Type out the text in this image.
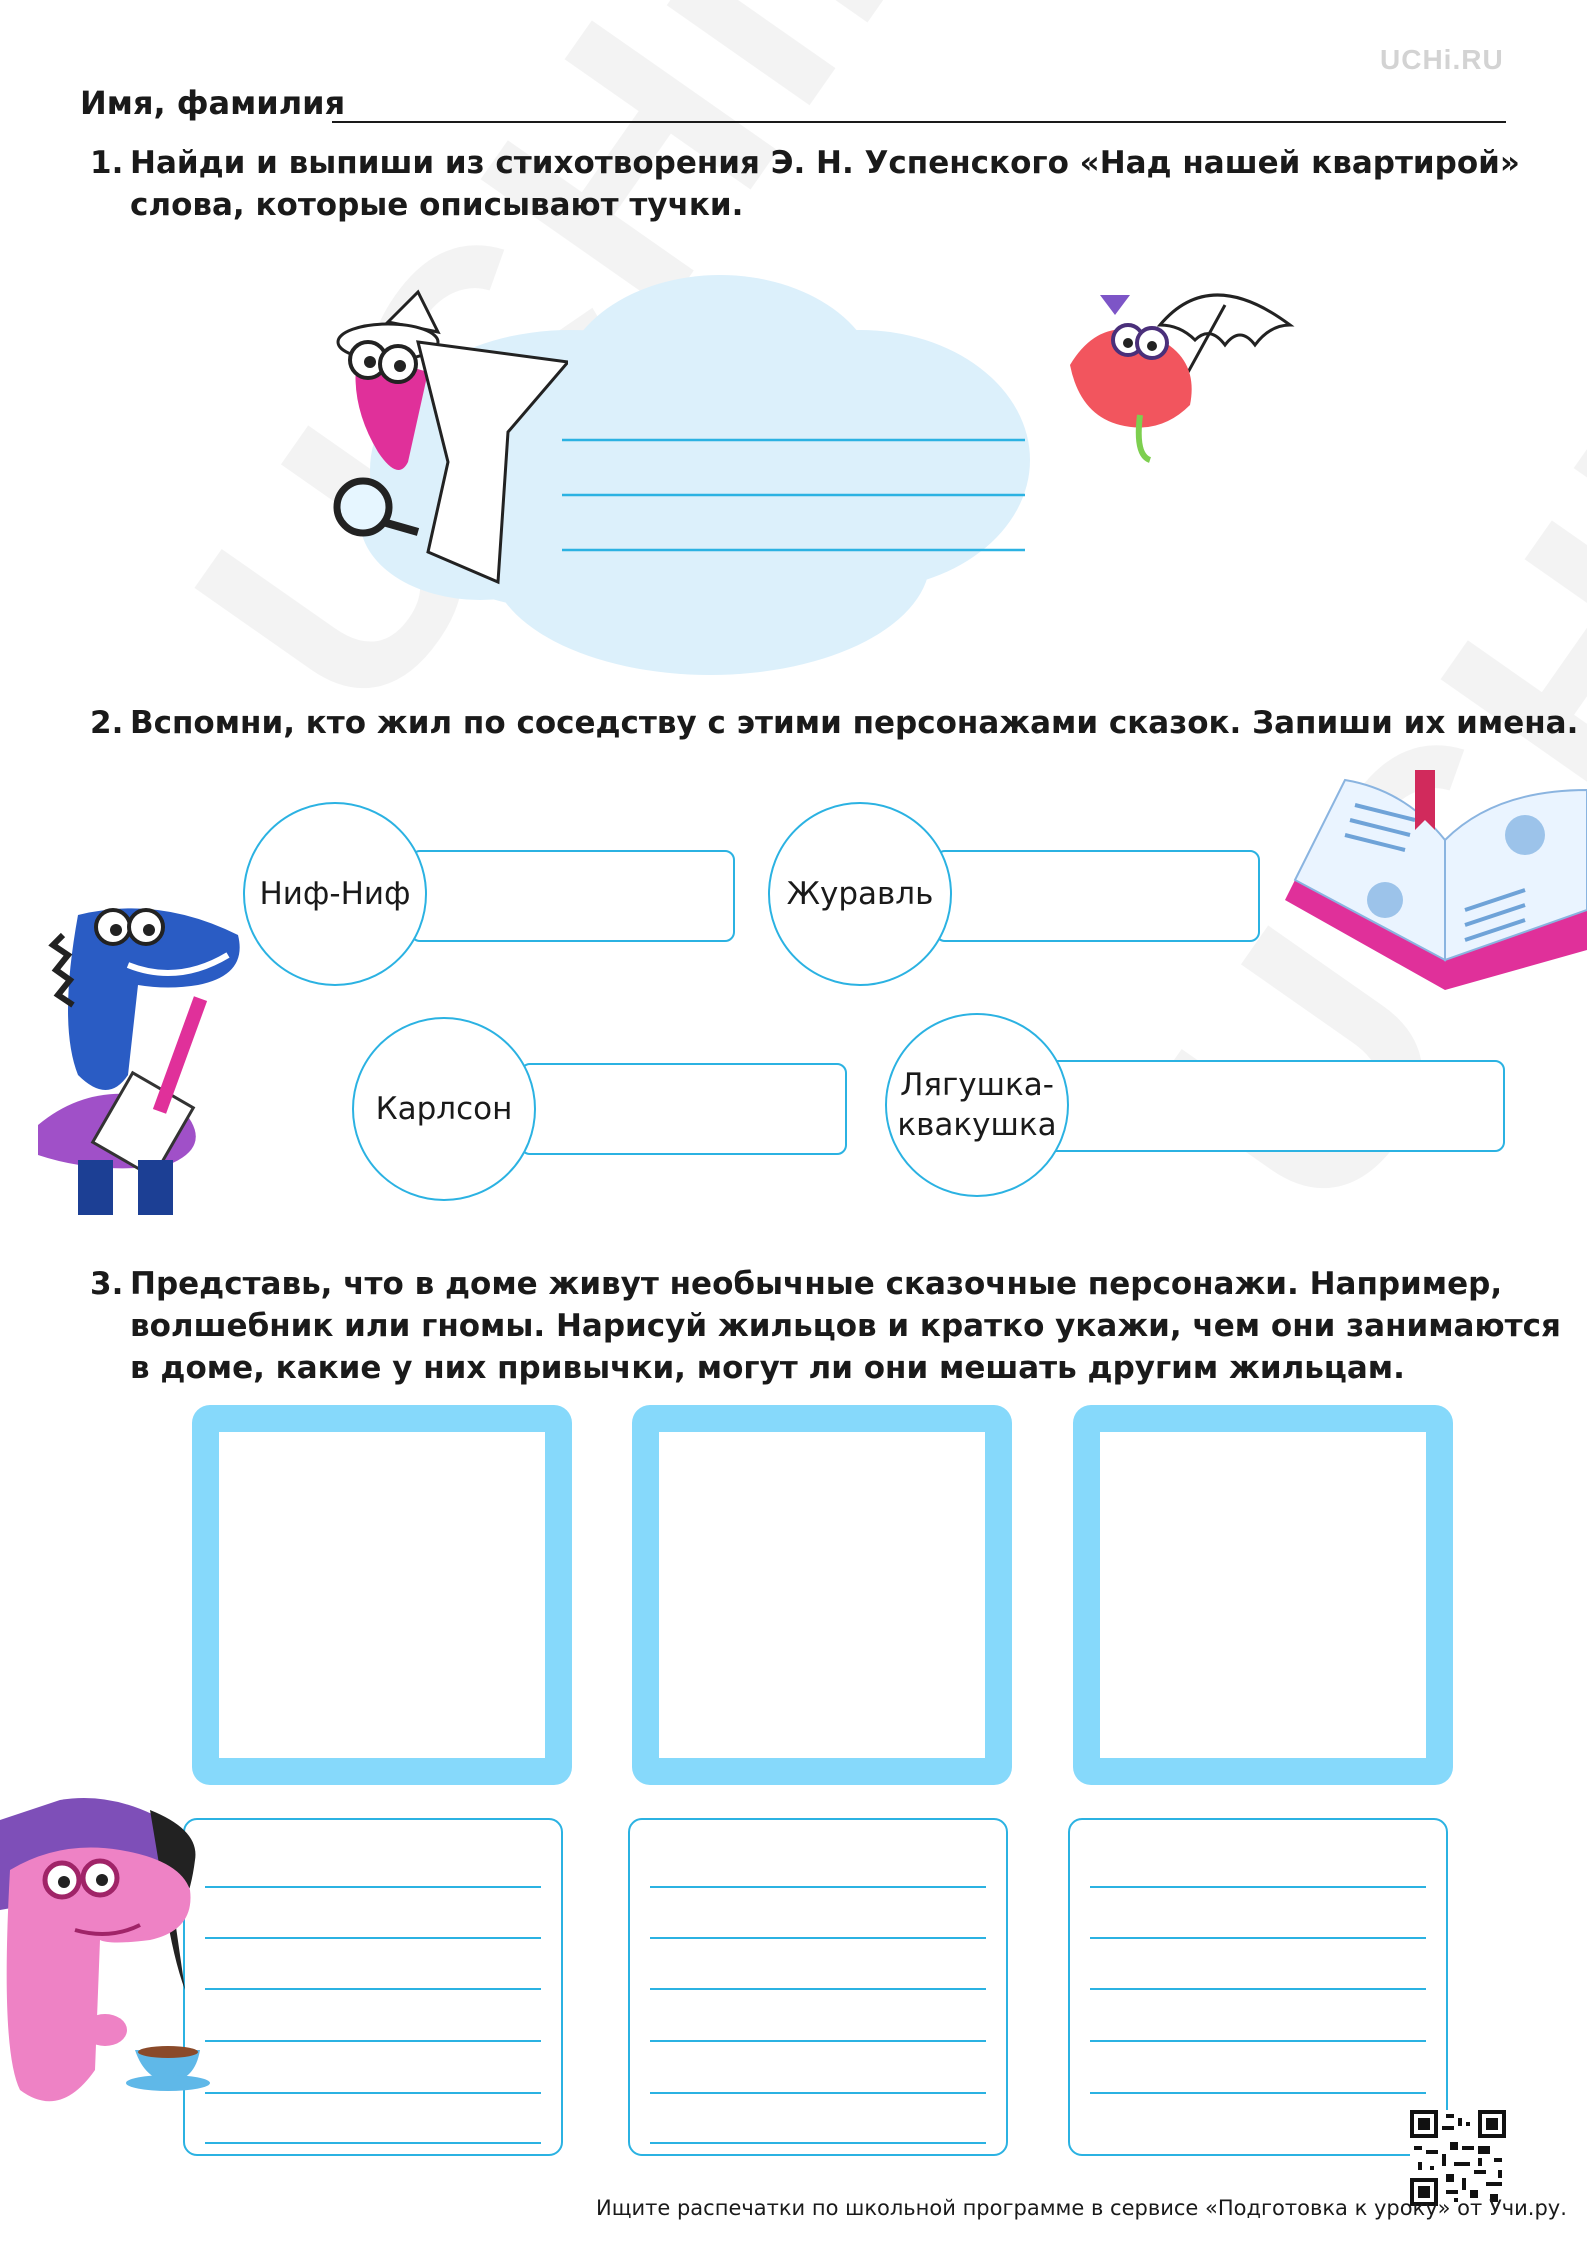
UCHi.RU
Имя, фамилия
1. Найди и выпиши из стихотворения Э. Н. Успенского «Над нашей квартирой»
слова, которые описывают тучки.
2. Вспомни, кто жил по соседству с этими персонажами сказок. Запиши их имена.
Ниф-Ниф	Журавль
Карлсон
Лягушка-
квакушка
3. Представь, что в доме живут необычные сказочные персонажи. Например,
волшебник или гномы. Нарисуй жильцов и кратко укажи, чем они занимаются
в доме, какие у них привычки, могут ли они мешать другим жильцам.
Ищите распечатки по школьной программе в сервисе «Подготовка к уроку» от Учи.ру.
